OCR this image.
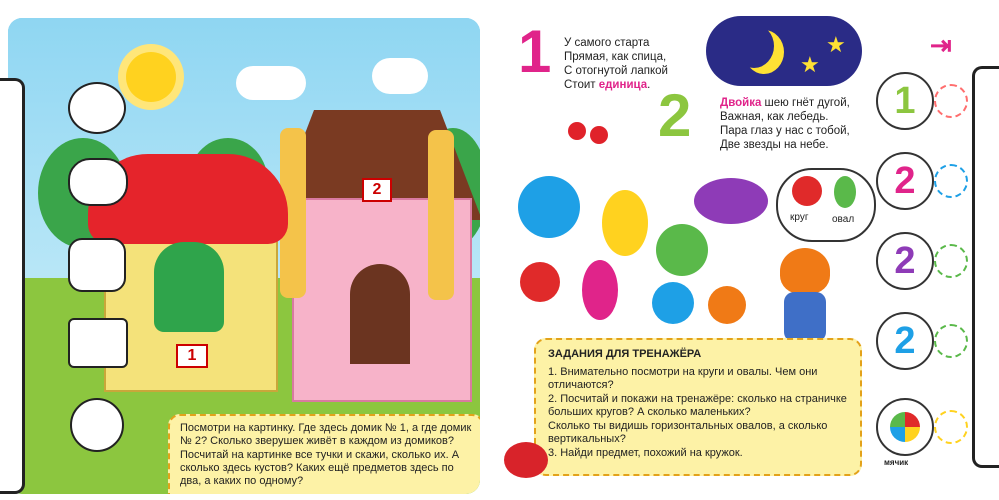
2
1

Посмотри на картинку. Где здесь домик № 1, а где домик № 2? Сколько зверушек живёт в каждом из домиков?

Посчитай на картинке все тучки и скажи, сколько их. А сколько здесь кустов? Каких ещё предметов здесь по два, а каких по одному?

1 У самого старта
Прямая, как спица,
С отогнутой лапкой
Стоит единица.
★
★
2 Двойка шею гнёт дугой,
Важная, как лебедь.
Пара глаз у нас с тобой,
Две звезды на небе.
круг овал
ЗАДАНИЯ ДЛЯ ТРЕНАЖЁРА

1. Внимательно посмотри на круги и овалы. Чем они отличаются?

2. Посчитай и покажи на тренажёре: сколько на страничке больших кругов? А сколько маленьких?

Сколько ты видишь горизонтальных овалов, а сколько вертикальных?

3. Найди предмет, похожий на кружок.

⇥
1
2
2
2
мячик
